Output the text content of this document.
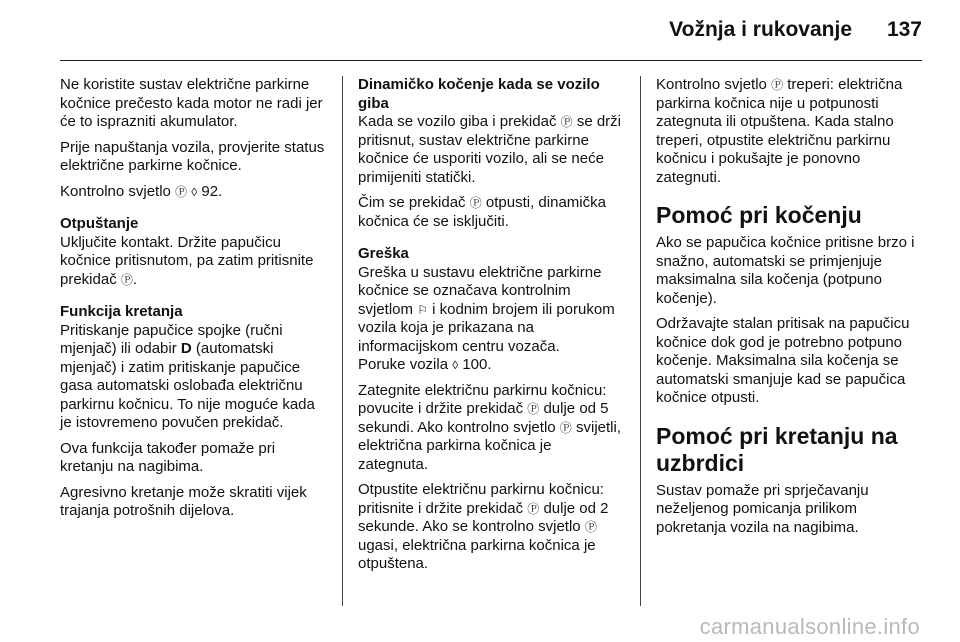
Vožnja i rukovanje 137

Ne koristite sustav električne parkirne kočnice prečesto kada motor ne radi jer će to isprazniti akumulator.

Prije napuštanja vozila, provjerite status električne parkirne kočnice.

Kontrolno svjetlo Ⓟ ◊ 92.

Otpuštanje

Uključite kontakt. Držite papučicu kočnice pritisnutom, pa zatim pritisnite prekidač Ⓟ.

Funkcija kretanja

Pritiskanje papučice spojke (ručni mjenjač) ili odabir D (automatski mjenjač) i zatim pritiskanje papučice gasa automatski oslobađa električnu parkirnu kočnicu. To nije moguće kada je istovremeno povučen prekidač.

Ova funkcija također pomaže pri kretanju na nagibima.

Agresivno kretanje može skratiti vijek trajanja potrošnih dijelova.

Dinamičko kočenje kada se vozilo giba

Kada se vozilo giba i prekidač Ⓟ se drži pritisnut, sustav električne parkirne kočnice će usporiti vozilo, ali se neće primijeniti statički.

Čim se prekidač Ⓟ otpusti, dinamička kočnica će se isključiti.

Greška

Greška u sustavu električne parkirne kočnice se označava kontrolnim svjetlom ⚐ i kodnim brojem ili porukom vozila koja je prikazana na informacijskom centru vozača.

Poruke vozila ◊ 100.

Zategnite električnu parkirnu kočnicu: povucite i držite prekidač Ⓟ dulje od 5 sekundi. Ako kontrolno svjetlo Ⓟ svijetli, električna parkirna kočnica je zategnuta.

Otpustite električnu parkirnu kočnicu: pritisnite i držite prekidač Ⓟ dulje od 2 sekunde. Ako se kontrolno svjetlo Ⓟ ugasi, električna parkirna kočnica je otpuštena.

Kontrolno svjetlo Ⓟ treperi: električna parkirna kočnica nije u potpunosti zategnuta ili otpuštena. Kada stalno treperi, otpustite električnu parkirnu kočnicu i pokušajte je ponovno zategnuti.

Pomoć pri kočenju

Ako se papučica kočnice pritisne brzo i snažno, automatski se primjenjuje maksimalna sila kočenja (potpuno kočenje).

Održavajte stalan pritisak na papučicu kočnice dok god je potrebno potpuno kočenje. Maksimalna sila kočenja se automatski smanjuje kad se papučica kočnice otpusti.

Pomoć pri kretanju na uzbrdici

Sustav pomaže pri sprječavanju neželjenog pomicanja prilikom pokretanja vozila na nagibima.

carmanualsonline.info
